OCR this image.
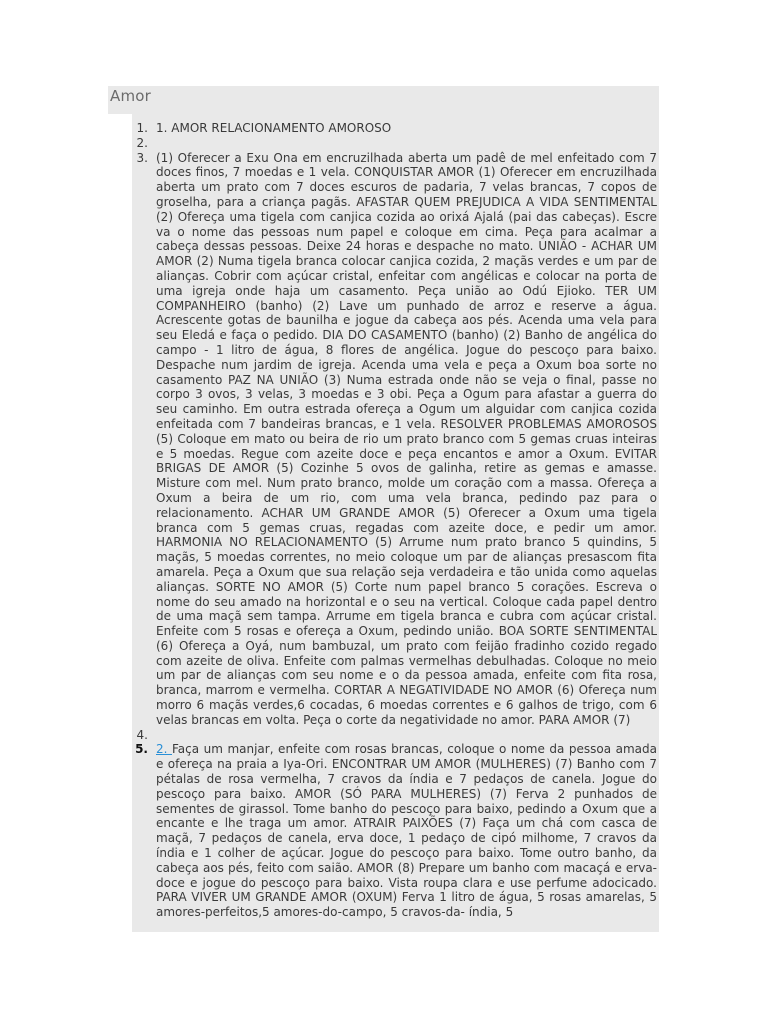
Amor
1. 1. AMOR RELACIONAMENTO AMOROSO
2.
3. (1) Oferecer a Exu Ona em encruzilhada aberta um padê de mel enfeitado com 7 doces finos, 7 moedas e 1 vela. CONQUISTAR AMOR (1) Oferecer em encruzilhada aberta um prato com 7 doces escuros de padaria, 7 velas brancas, 7 copos de groselha, para a criança pagãs. AFASTAR QUEM PREJUDICA A VIDA SENTIMENTAL (2) Ofereça uma tigela com canjica cozida ao orixá Ajalá (pai das cabeças). Escre va o nome das pessoas num papel e coloque em cima. Peça para acalmar a cabeça dessas pessoas. Deixe 24 horas e despache no mato. UNIÃO - ACHAR UM AMOR (2) Numa tigela branca colocar canjica cozida, 2 maçãs verdes e um par de alianças. Cobrir com açúcar cristal, enfeitar com angélicas e colocar na porta de uma igreja onde haja um casamento. Peça união ao Odú Ejioko. TER UM COMPANHEIRO (banho) (2) Lave um punhado de arroz e reserve a água. Acrescente gotas de baunilha e jogue da cabeça aos pés. Acenda uma vela para seu Eledá e faça o pedido. DIA DO CASAMENTO (banho) (2) Banho de angélica do campo - 1 litro de água, 8 flores de angélica. Jogue do pescoço para baixo. Despache num jardim de igreja. Acenda uma vela e peça a Oxum boa sorte no casamento PAZ NA UNIÃO (3) Numa estrada onde não se veja o final, passe no corpo 3 ovos, 3 velas, 3 moedas e 3 obi. Peça a Ogum para afastar a guerra do seu caminho. Em outra estrada ofereça a Ogum um alguidar com canjica cozida enfeitada com 7 bandeiras brancas, e 1 vela. RESOLVER PROBLEMAS AMOROSOS (5) Coloque em mato ou beira de rio um prato branco com 5 gemas cruas inteiras e 5 moedas. Regue com azeite doce e peça encantos e amor a Oxum. EVITAR BRIGAS DE AMOR (5) Cozinhe 5 ovos de galinha, retire as gemas e amasse. Misture com mel. Num prato branco, molde um coração com a massa. Ofereça a Oxum a beira de um rio, com uma vela branca, pedindo paz para o relacionamento. ACHAR UM GRANDE AMOR (5) Oferecer a Oxum uma tigela branca com 5 gemas cruas, regadas com azeite doce, e pedir um amor. HARMONIA NO RELACIONAMENTO (5) Arrume num prato branco 5 quindins, 5 maçãs, 5 moedas correntes, no meio coloque um par de alianças presascom fita amarela. Peça a Oxum que sua relação seja verdadeira e tão unida como aquelas alianças. SORTE NO AMOR (5) Corte num papel branco 5 corações. Escreva o nome do seu amado na horizontal e o seu na vertical. Coloque cada papel dentro de uma maçã sem tampa. Arrume em tigela branca e cubra com açúcar cristal. Enfeite com 5 rosas e ofereça a Oxum, pedindo união. BOA SORTE SENTIMENTAL (6) Ofereça a Oyá, num bambuzal, um prato com feijão fradinho cozido regado com azeite de oliva. Enfeite com palmas vermelhas debulhadas. Coloque no meio um par de alianças com seu nome e o da pessoa amada, enfeite com fita rosa, branca, marrom e vermelha. CORTAR A NEGATIVIDADE NO AMOR (6) Ofereça num morro 6 maçãs verdes,6 cocadas, 6 moedas correntes e 6 galhos de trigo, com 6 velas brancas em volta. Peça o corte da negatividade no amor. PARA AMOR (7)
4.
5. 2. Faça um manjar, enfeite com rosas brancas, coloque o nome da pessoa amada e ofereça na praia a Iya-Ori. ENCONTRAR UM AMOR (MULHERES) (7) Banho com 7 pétalas de rosa vermelha, 7 cravos da índia e 7 pedaços de canela. Jogue do pescoço para baixo. AMOR (SÓ PARA MULHERES) (7) Ferva 2 punhados de sementes de girassol. Tome banho do pescoço para baixo, pedindo a Oxum que a encante e lhe traga um amor. ATRAIR PAIXÕES (7) Faça um chá com casca de maçã, 7 pedaços de canela, erva doce, 1 pedaço de cipó milhome, 7 cravos da índia e 1 colher de açúcar. Jogue do pescoço para baixo. Tome outro banho, da cabeça aos pés, feito com saião. AMOR (8) Prepare um banho com macaçá e erva-doce e jogue do pescoço para baixo. Vista roupa clara e use perfume adocicado. PARA VIVER UM GRANDE AMOR (OXUM) Ferva 1 litro de água, 5 rosas amarelas, 5 amores-perfeitos,5 amores-do-campo, 5 cravos-da- índia, 5
